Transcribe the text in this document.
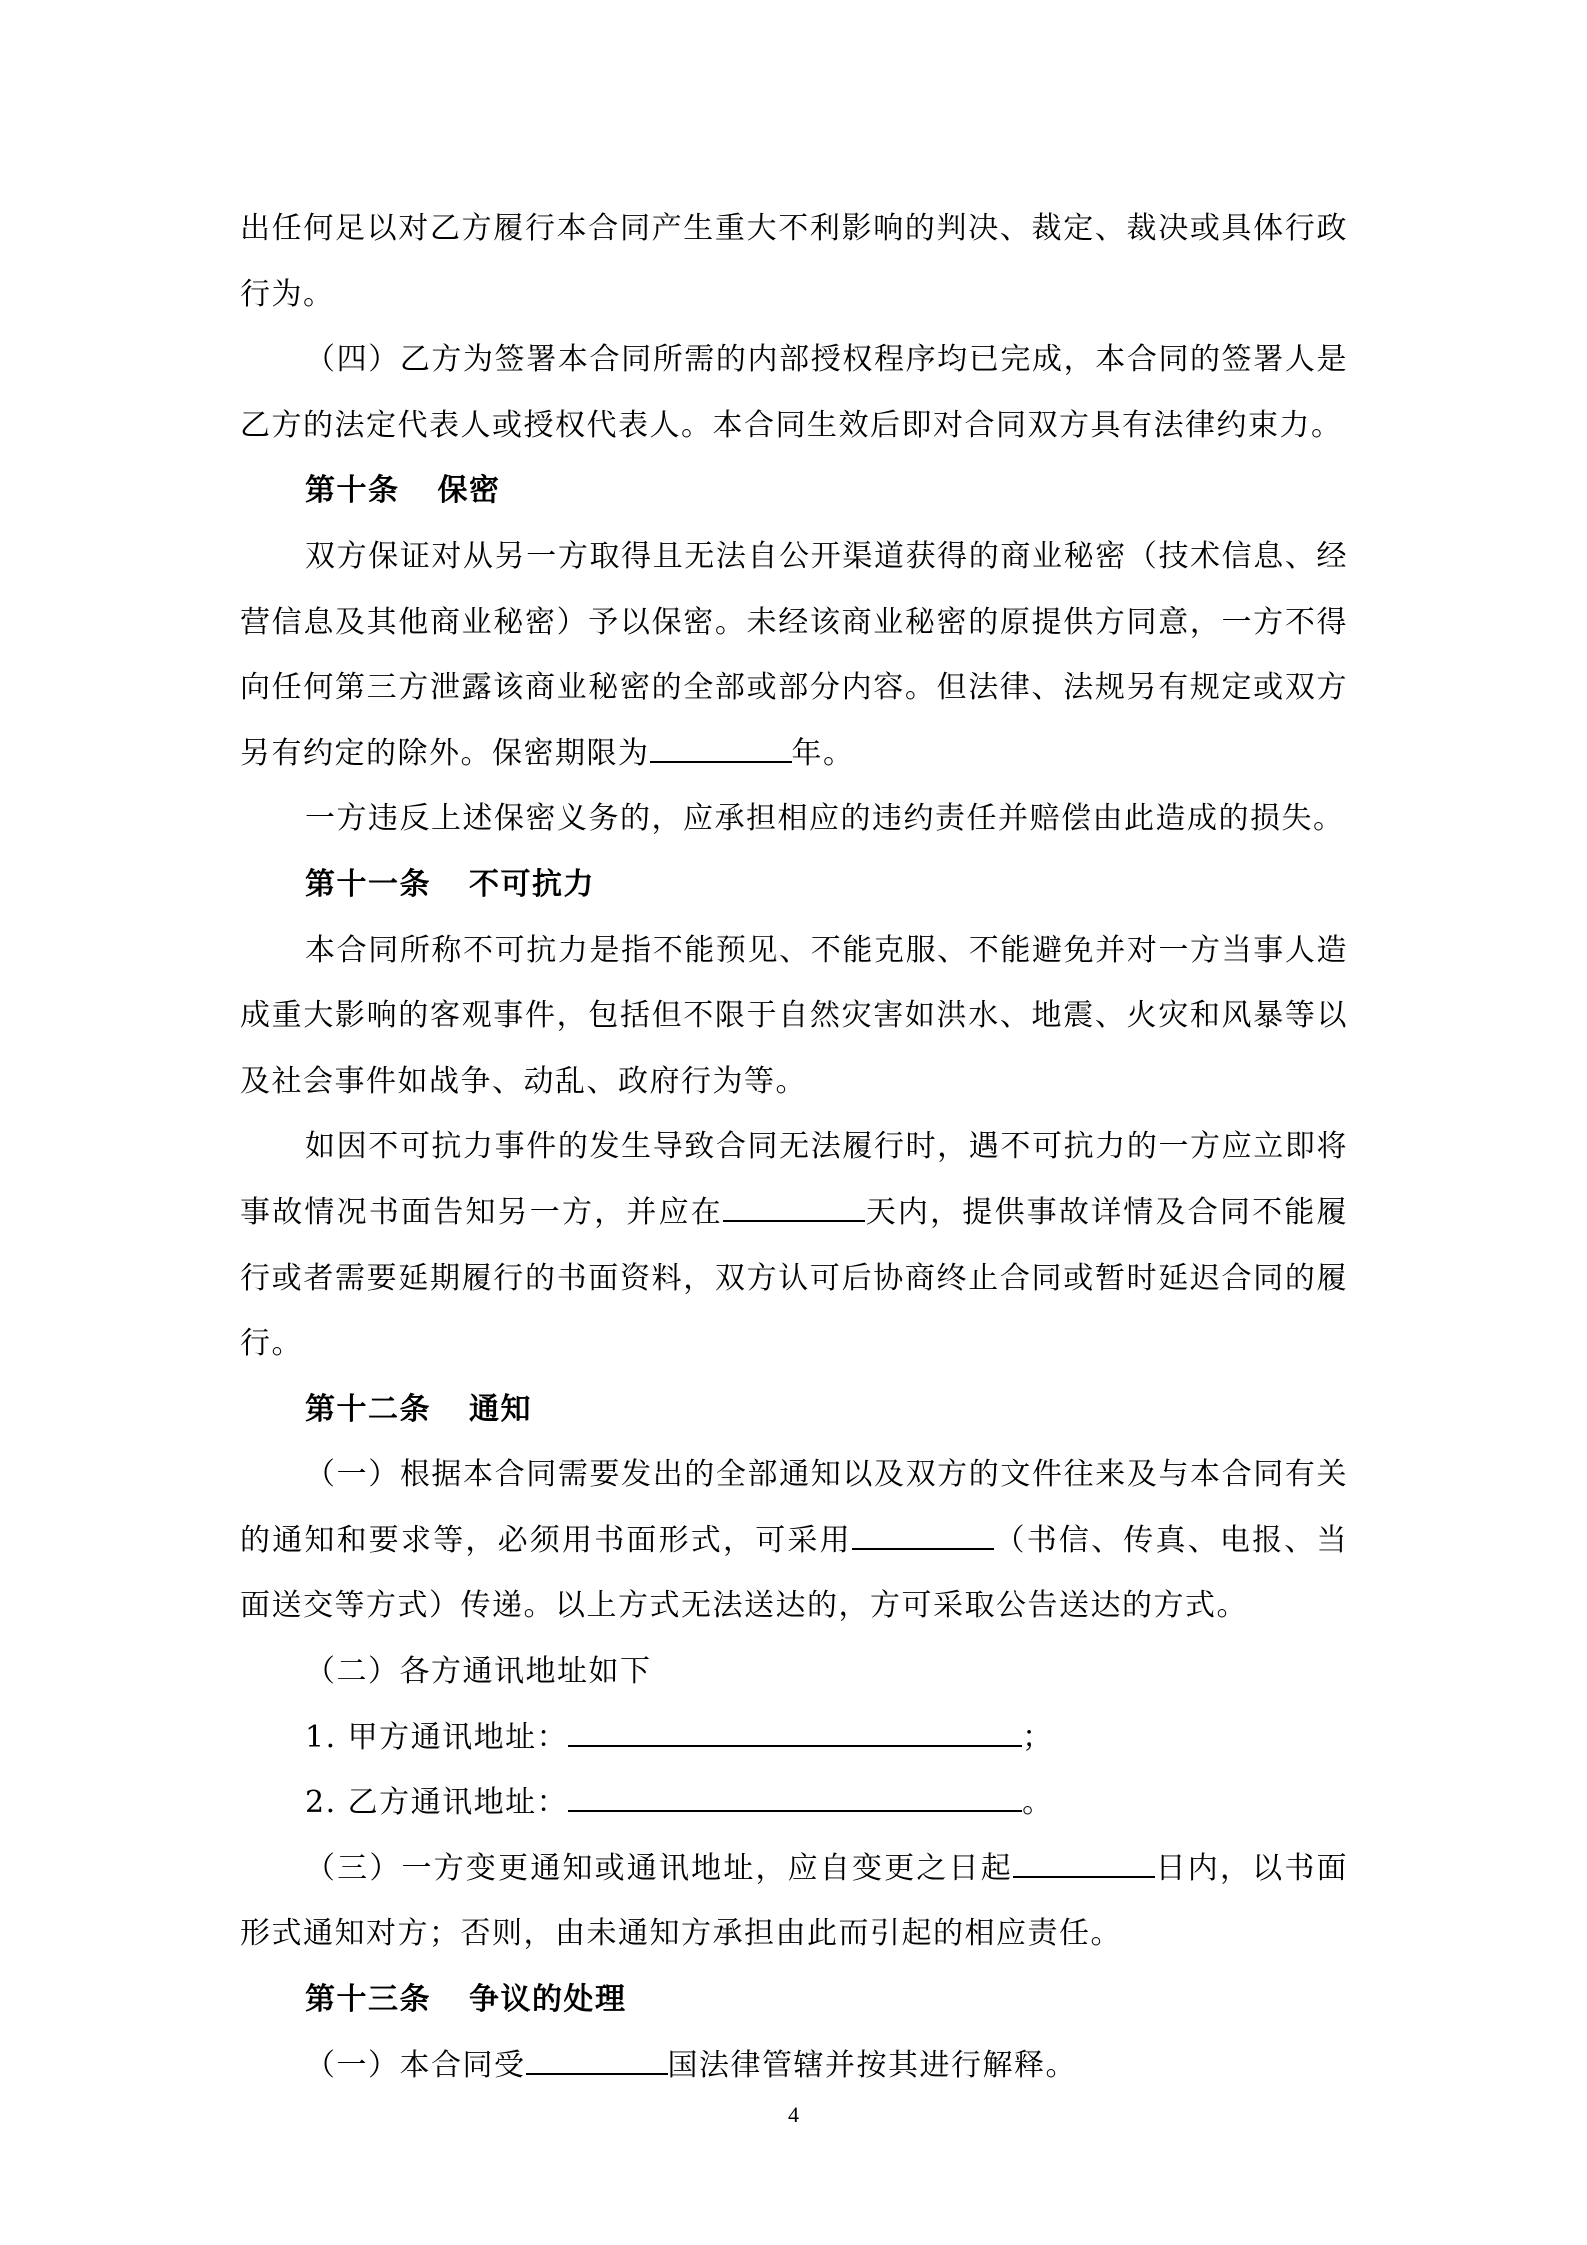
出任何足以对乙方履行本合同产生重大不利影响的判决、裁定、裁决或具体行政行为。

（四）乙方为签署本合同所需的内部授权程序均已完成，本合同的签署人是乙方的法定代表人或授权代表人。本合同生效后即对合同双方具有法律约束力。

第十条 保密

双方保证对从另一方取得且无法自公开渠道获得的商业秘密（技术信息、经营信息及其他商业秘密）予以保密。未经该商业秘密的原提供方同意，一方不得向任何第三方泄露该商业秘密的全部或部分内容。但法律、法规另有规定或双方另有约定的除外。保密期限为	年。

一方违反上述保密义务的，应承担相应的违约责任并赔偿由此造成的损失。

第十一条 不可抗力

本合同所称不可抗力是指不能预见、不能克服、不能避免并对一方当事人造成重大影响的客观事件，包括但不限于自然灾害如洪水、地震、火灾和风暴等以及社会事件如战争、动乱、政府行为等。

如因不可抗力事件的发生导致合同无法履行时，遇不可抗力的一方应立即将事故情况书面告知另一方，并应在	天内，提供事故详情及合同不能履行或者需要延期履行的书面资料，双方认可后协商终止合同或暂时延迟合同的履行。

第十二条 通知

（一）根据本合同需要发出的全部通知以及双方的文件往来及与本合同有关的通知和要求等，必须用书面形式，可采用	（书信、传真、电报、当面送交等方式）传递。以上方式无法送达的，方可采取公告送达的方式。

（二）各方通讯地址如下

1. 甲方通讯地址：	；

2. 乙方通讯地址：	。

（三）一方变更通知或通讯地址，应自变更之日起	日内，以书面形式通知对方；否则，由未通知方承担由此而引起的相应责任。

第十三条 争议的处理

（一）本合同受	国法律管辖并按其进行解释。

4
